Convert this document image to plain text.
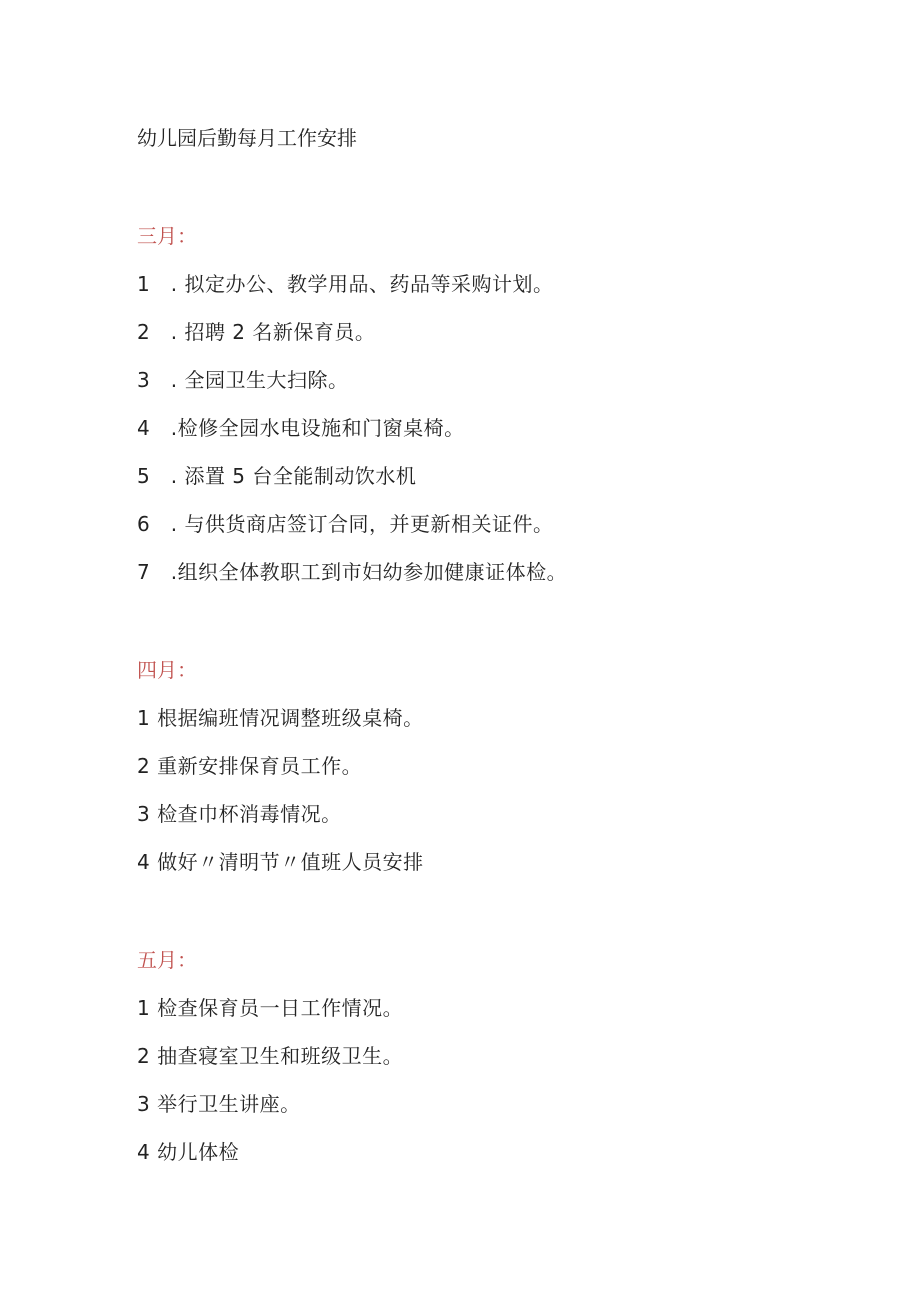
幼儿园后勤每月工作安排
三月：
1　. 拟定办公、教学用品、药品等采购计划。
2　. 招聘 2 名新保育员。
3　. 全园卫生大扫除。
4　.检修全园水电设施和门窗桌椅。
5　. 添置 5 台全能制动饮水机
6　. 与供货商店签订合同，并更新相关证件。
7　.组织全体教职工到市妇幼参加健康证体检。
四月：
1 根据编班情况调整班级桌椅。
2 重新安排保育员工作。
3 检查巾杯消毒情况。
4 做好〃清明节〃值班人员安排
五月：
1 检查保育员一日工作情况。
2 抽查寝室卫生和班级卫生。
3 举行卫生讲座。
4 幼儿体检
